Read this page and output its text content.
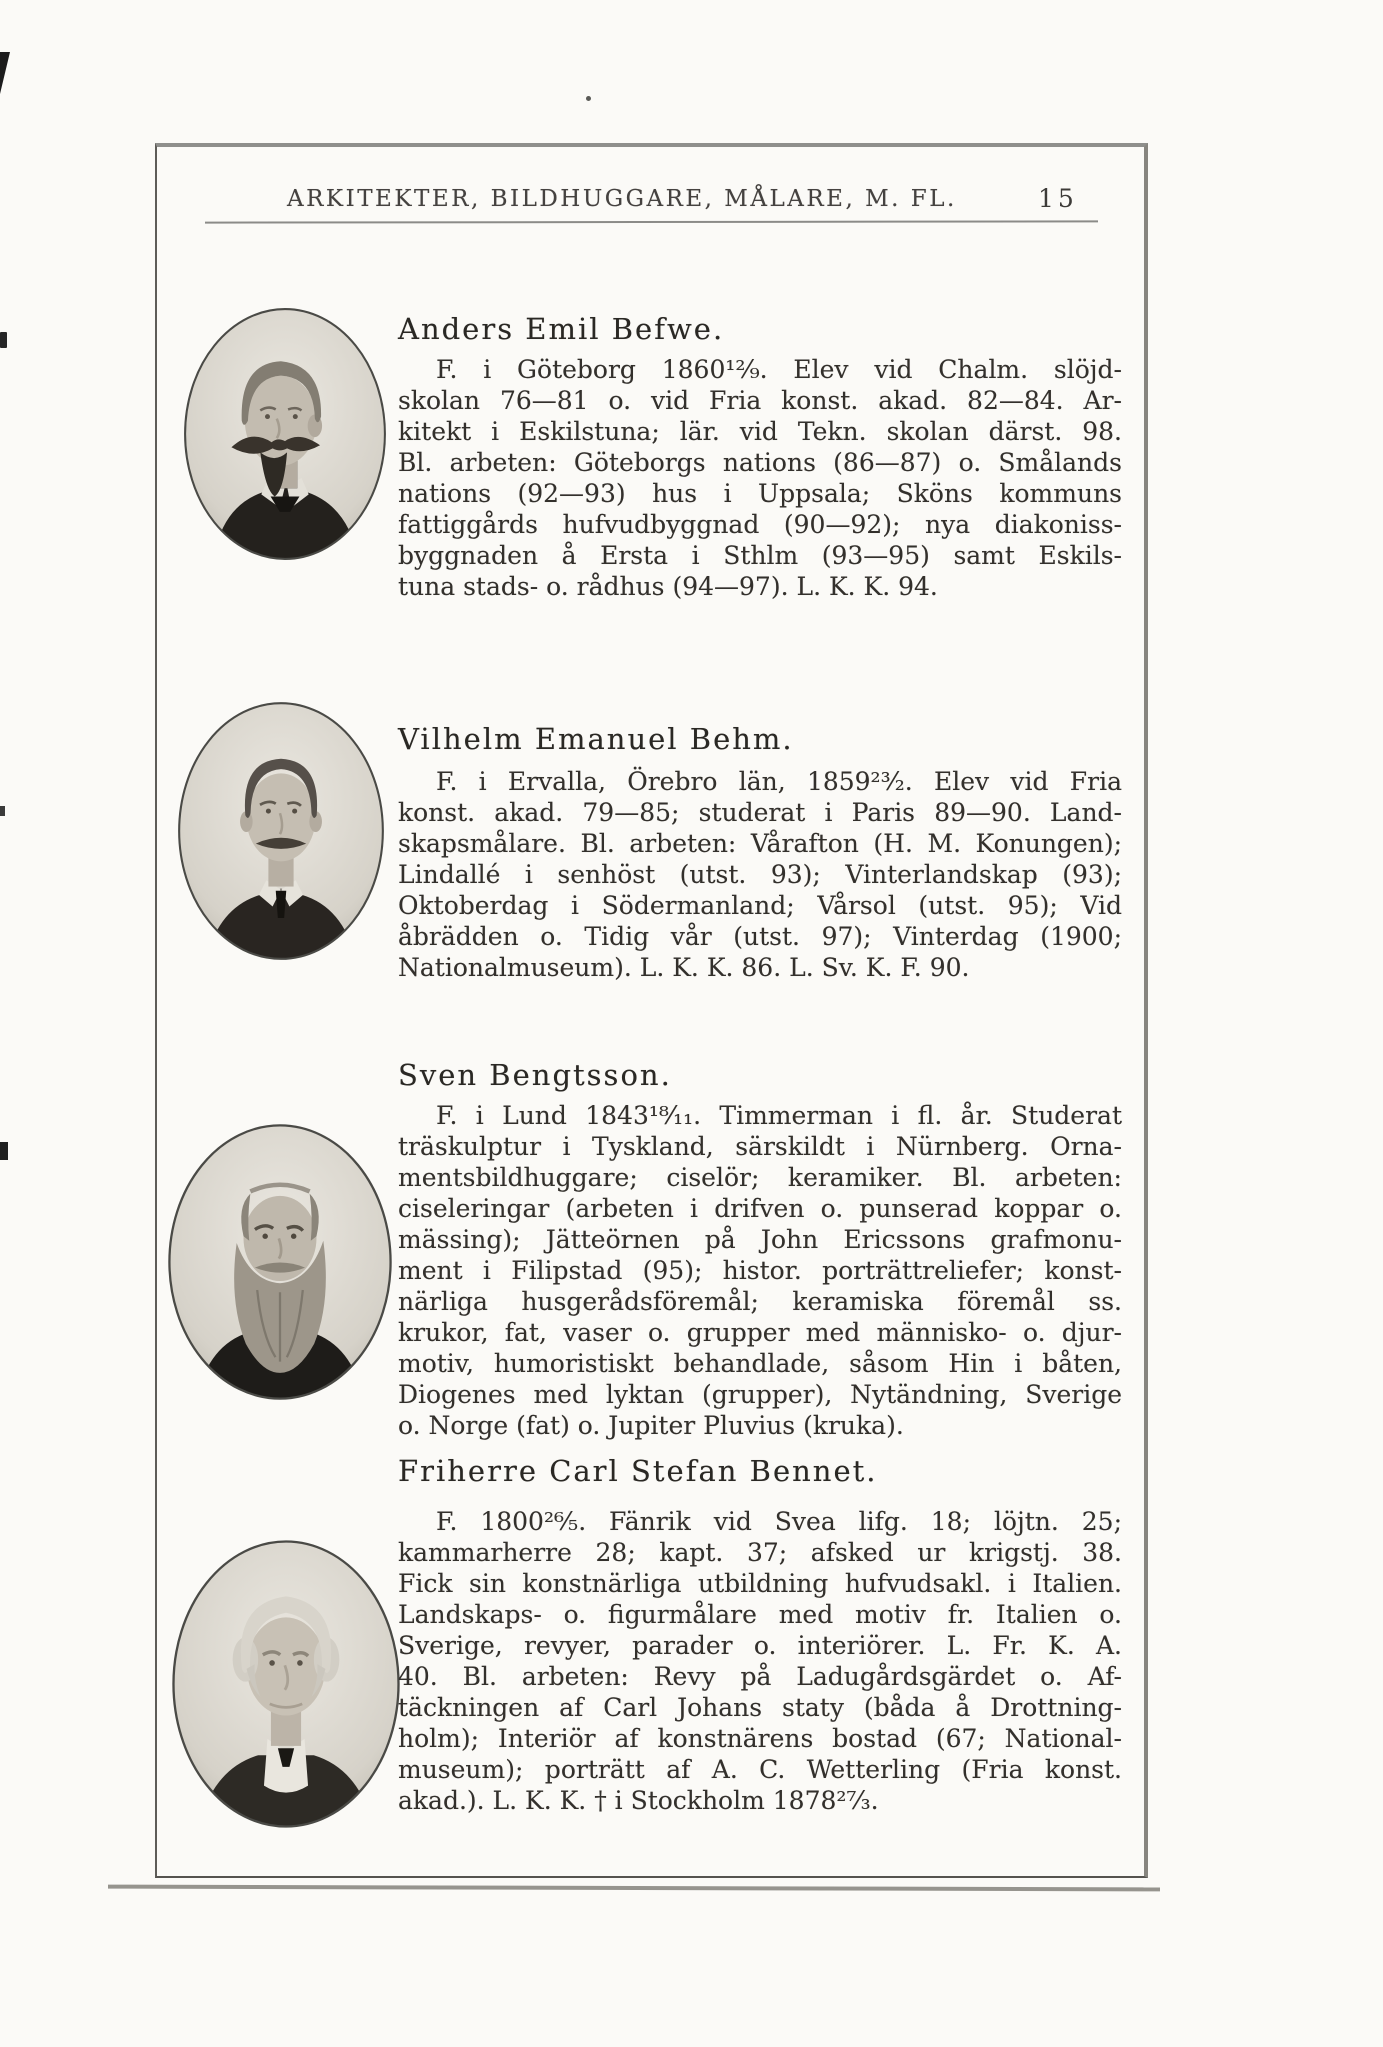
ARKITEKTER, BILDHUGGARE, MÅLARE, M. FL.	15
Anders Emil Befwe.
F. i Göteborg 1860¹²⁄₉. Elev vid Chalm. slöjd-
skolan 76—81 o. vid Fria konst. akad. 82—84. Ar-
kitekt i Eskilstuna; lär. vid Tekn. skolan därst. 98.
Bl. arbeten: Göteborgs nations (86—87) o. Smålands
nations (92—93) hus i Uppsala; Sköns kommuns
fattiggårds hufvudbyggnad (90—92); nya diakoniss-
byggnaden å Ersta i Sthlm (93—95) samt Eskils-
tuna stads- o. rådhus (94—97). L. K. K. 94.
Vilhelm Emanuel Behm.
F. i Ervalla, Örebro län, 1859²³⁄₂. Elev vid Fria
konst. akad. 79—85; studerat i Paris 89—90. Land-
skapsmålare. Bl. arbeten: Vårafton (H. M. Konungen);
Lindallé i senhöst (utst. 93); Vinterlandskap (93);
Oktoberdag i Södermanland; Vårsol (utst. 95); Vid
åbrädden o. Tidig vår (utst. 97); Vinterdag (1900;
Nationalmuseum). L. K. K. 86. L. Sv. K. F. 90.
Sven Bengtsson.
F. i Lund 1843¹⁸⁄₁₁. Timmerman i fl. år. Studerat
träskulptur i Tyskland, särskildt i Nürnberg. Orna-
mentsbildhuggare; ciselör; keramiker. Bl. arbeten:
ciseleringar (arbeten i drifven o. punserad koppar o.
mässing); Jätteörnen på John Ericssons grafmonu-
ment i Filipstad (95); histor. porträttreliefer; konst-
närliga husgerådsföremål; keramiska föremål ss.
krukor, fat, vaser o. grupper med människo- o. djur-
motiv, humoristiskt behandlade, såsom Hin i båten,
Diogenes med lyktan (grupper), Nytändning, Sverige
o. Norge (fat) o. Jupiter Pluvius (kruka).
Friherre Carl Stefan Bennet.
F. 1800²⁶⁄₅. Fänrik vid Svea lifg. 18; löjtn. 25;
kammarherre 28; kapt. 37; afsked ur krigstj. 38.
Fick sin konstnärliga utbildning hufvudsakl. i Italien.
Landskaps- o. figurmålare med motiv fr. Italien o.
Sverige, revyer, parader o. interiörer. L. Fr. K. A.
40. Bl. arbeten: Revy på Ladugårdsgärdet o. Af-
täckningen af Carl Johans staty (båda å Drottning-
holm); Interiör af konstnärens bostad (67; National-
museum); porträtt af A. C. Wetterling (Fria konst.
akad.). L. K. K. † i Stockholm 1878²⁷⁄₃.
